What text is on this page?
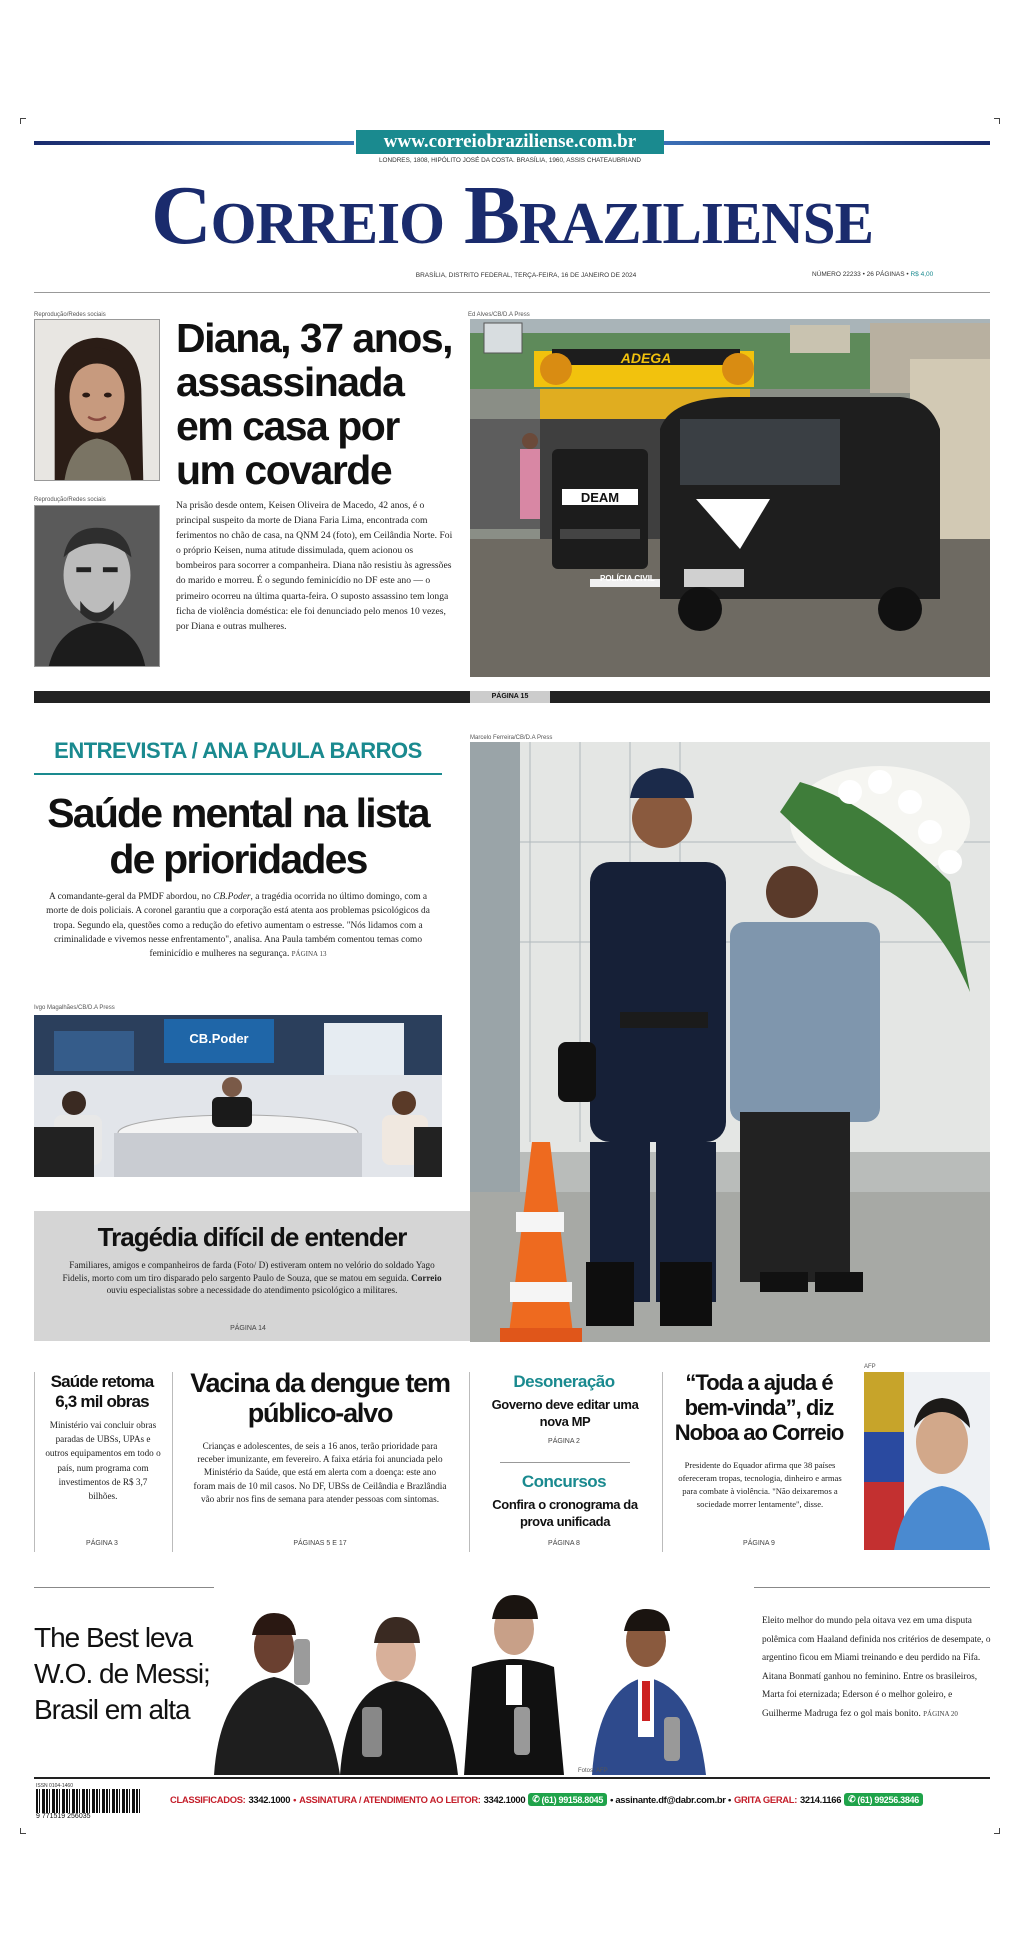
www.correiobraziliense.com.br
LONDRES, 1808, HIPÓLITO JOSÉ DA COSTA. BRASÍLIA, 1960, ASSIS CHATEAUBRIAND
Correio Braziliense
BRASÍLIA, DISTRITO FEDERAL, TERÇA-FEIRA, 16 DE JANEIRO DE 2024	NÚMERO 22233 • 26 PÁGINAS • R$ 4,00
Reprodução/Redes sociais
Reprodução/Redes sociais
Diana, 37 anos, assassinada em casa por um covarde
Na prisão desde ontem, Keisen Oliveira de Macedo, 42 anos, é o principal suspeito da morte de Diana Faria Lima, encontrada com ferimentos no chão de casa, na QNM 24 (foto), em Ceilândia Norte. Foi o próprio Keisen, numa atitude dissimulada, quem acionou os bombeiros para socorrer a companheira. Diana não resistiu às agressões do marido e morreu. É o segundo feminicídio no DF este ano — o primeiro ocorreu na última quarta-feira. O suposto assassino tem longa ficha de violência doméstica: ele foi denunciado pelo menos 10 vezes, por Diana e outras mulheres.
Ed Alves/CB/D.A Press
ADEGA
DEAM
POLÍCIA CIVIL
PÁGINA 15
ENTREVISTA / ANA PAULA BARROS
Saúde mental na lista de prioridades
A comandante-geral da PMDF abordou, no CB.Poder, a tragédia ocorrida no último domingo, com a morte de dois policiais. A coronel garantiu que a corporação está atenta aos problemas psicológicos da tropa. Segundo ela, questões como a redução do efetivo aumentam o estresse. "Nós lidamos com a criminalidade e vivemos nesse enfrentamento", analisa. Ana Paula também comentou temas como feminicídio e mulheres na segurança. PÁGINA 13
Ivgo Magalhães/CB/D.A Press
CB.Poder
Marcelo Ferreira/CB/D.A Press
Tragédia difícil de entender
Familiares, amigos e companheiros de farda (Foto/ D) estiveram ontem no velório do soldado Yago Fidelis, morto com um tiro disparado pelo sargento Paulo de Souza, que se matou em seguida. Correio ouviu especialistas sobre a necessidade do atendimento psicológico a militares.
PÁGINA 14
Saúde retoma 6,3 mil obras
Ministério vai concluir obras paradas de UBSs, UPAs e outros equipamentos em todo o país, num programa com investimentos de R$ 3,7 bilhões.
PÁGINA 3
Vacina da dengue tem público-alvo
Crianças e adolescentes, de seis a 16 anos, terão prioridade para receber imunizante, em fevereiro. A faixa etária foi anunciada pelo Ministério da Saúde, que está em alerta com a doença: este ano foram mais de 10 mil casos. No DF, UBSs de Ceilândia e Brazlândia vão abrir nos fins de semana para atender pessoas com sintomas.
PÁGINAS 5 E 17
Desoneração
Governo deve editar uma nova MP
PÁGINA 2
Concursos
Confira o cronograma da prova unificada
PÁGINA 8
“Toda a ajuda é bem-vinda”, diz Noboa ao Correio
Presidente do Equador afirma que 38 países ofereceram tropas, tecnologia, dinheiro e armas para combate à violência. "Não deixaremos a sociedade morrer lentamente", disse.
PÁGINA 9
AFP
The Best leva W.O. de Messi; Brasil em alta
Fotos: AFP
Eleito melhor do mundo pela oitava vez em uma disputa polêmica com Haaland definida nos critérios de desempate, o argentino ficou em Miami treinando e deu perdido na Fifa. Aitana Bonmatí ganhou no feminino. Entre os brasileiros, Marta foi eternizada; Ederson é o melhor goleiro, e Guilherme Madruga fez o gol mais bonito. PÁGINA 20
ISSN 0104-1460
9 771519 256035
CLASSIFICADOS: 3342.1000 • ASSINATURA / ATENDIMENTO AO LEITOR: 3342.1000 ✆ (61) 99158.8045 • assinante.df@dabr.com.br • GRITA GERAL: 3214.1166 ✆ (61) 99256.3846
